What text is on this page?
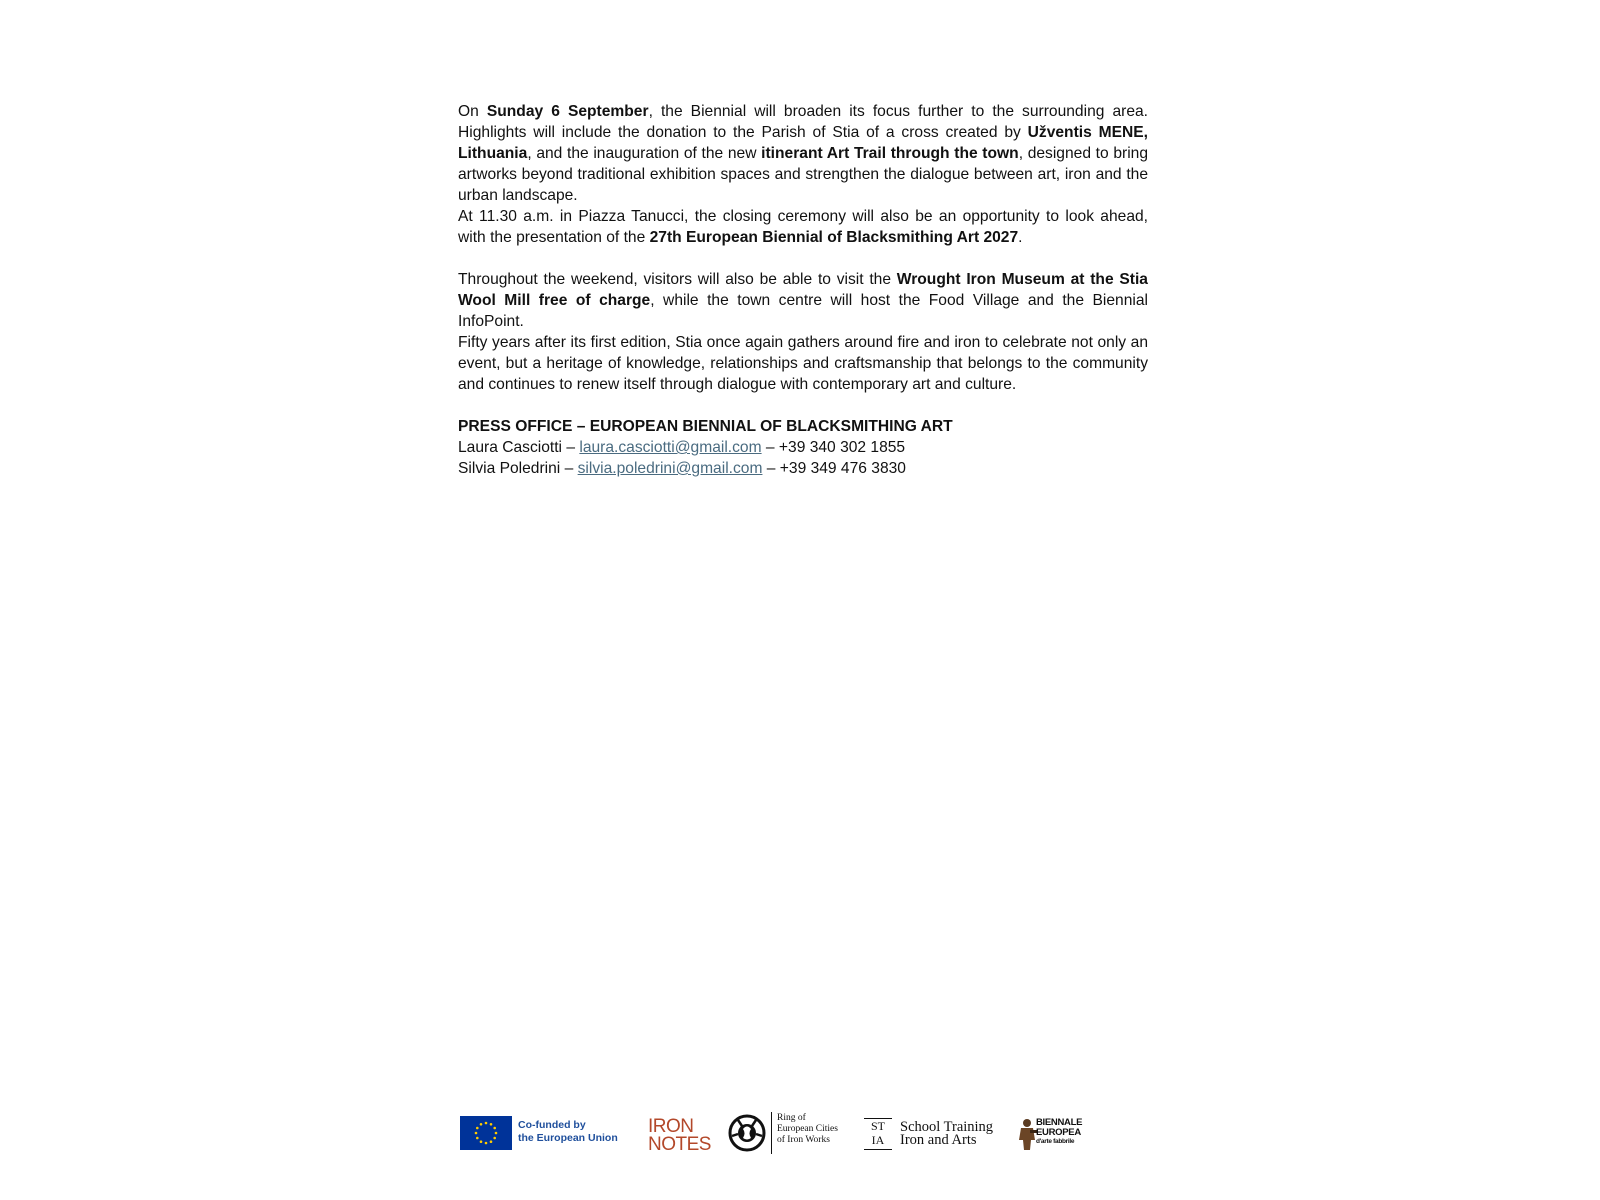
On Sunday 6 September, the Biennial will broaden its focus further to the surrounding area. Highlights will include the donation to the Parish of Stia of a cross created by Užventis MENE, Lithuania, and the inauguration of the new itinerant Art Trail through the town, designed to bring artworks beyond traditional exhibition spaces and strengthen the dialogue between art, iron and the urban landscape.

At 11.30 a.m. in Piazza Tanucci, the closing ceremony will also be an opportunity to look ahead, with the presentation of the 27th European Biennial of Blacksmithing Art 2027.

Throughout the weekend, visitors will also be able to visit the Wrought Iron Museum at the Stia Wool Mill free of charge, while the town centre will host the Food Village and the Biennial InfoPoint.

Fifty years after its first edition, Stia once again gathers around fire and iron to celebrate not only an event, but a heritage of knowledge, relationships and craftsmanship that belongs to the community and continues to renew itself through dialogue with contemporary art and culture.

PRESS OFFICE – EUROPEAN BIENNIAL OF BLACKSMITHING ART

Laura Casciotti – laura.casciotti@gmail.com – +39 340 302 1855

Silvia Poledrini – silvia.poledrini@gmail.com – +39 349 476 3830

Co-funded by
the European Union
IRON
NOTES
Ring of
European Cities
of Iron Works
ST
IA
School Training
Iron and Arts
BIENNALE
EUROPEA
d'arte fabbrile
